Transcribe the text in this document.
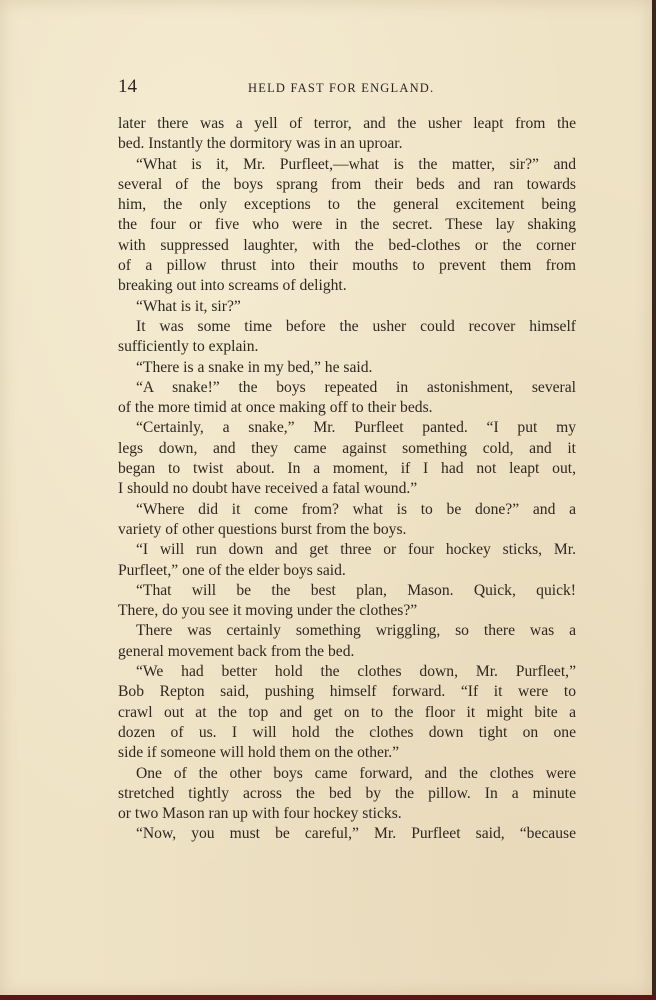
14	HELD FAST FOR ENGLAND.
later there was a yell of terror, and the usher leapt from the
bed. Instantly the dormitory was in an uproar.
“What is it, Mr. Purfleet,—what is the matter, sir?” and
several of the boys sprang from their beds and ran towards
him, the only exceptions to the general excitement being
the four or five who were in the secret. These lay shaking
with suppressed laughter, with the bed-clothes or the corner
of a pillow thrust into their mouths to prevent them from
breaking out into screams of delight.
“What is it, sir?”
It was some time before the usher could recover himself
sufficiently to explain.
“There is a snake in my bed,” he said.
“A snake!” the boys repeated in astonishment, several
of the more timid at once making off to their beds.
“Certainly, a snake,” Mr. Purfleet panted. “I put my
legs down, and they came against something cold, and it
began to twist about. In a moment, if I had not leapt out,
I should no doubt have received a fatal wound.”
“Where did it come from? what is to be done?” and a
variety of other questions burst from the boys.
“I will run down and get three or four hockey sticks, Mr.
Purfleet,” one of the elder boys said.
“That will be the best plan, Mason. Quick, quick!
There, do you see it moving under the clothes?”
There was certainly something wriggling, so there was a
general movement back from the bed.
“We had better hold the clothes down, Mr. Purfleet,”
Bob Repton said, pushing himself forward. “If it were to
crawl out at the top and get on to the floor it might bite a
dozen of us. I will hold the clothes down tight on one
side if someone will hold them on the other.”
One of the other boys came forward, and the clothes were
stretched tightly across the bed by the pillow. In a minute
or two Mason ran up with four hockey sticks.
“Now, you must be careful,” Mr. Purfleet said, “because
